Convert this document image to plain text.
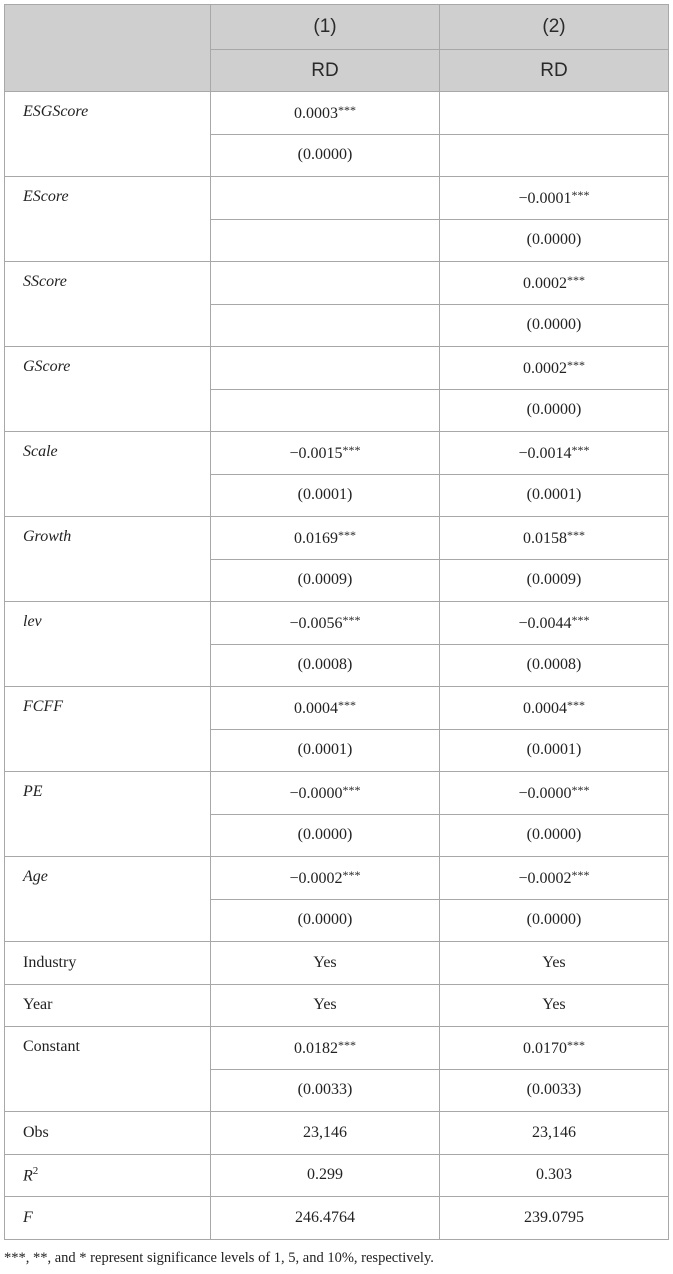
	(1)	(2)
	RD	RD
ESGScore	0.0003***	
	(0.0000)	
EScore		−0.0001***
		(0.0000)
SScore		0.0002***
		(0.0000)
GScore		0.0002***
		(0.0000)
Scale	−0.0015***	−0.0014***
	(0.0001)	(0.0001)
Growth	0.0169***	0.0158***
	(0.0009)	(0.0009)
lev	−0.0056***	−0.0044***
	(0.0008)	(0.0008)
FCFF	0.0004***	0.0004***
	(0.0001)	(0.0001)
PE	−0.0000***	−0.0000***
	(0.0000)	(0.0000)
Age	−0.0002***	−0.0002***
	(0.0000)	(0.0000)
Industry	Yes	Yes
Year	Yes	Yes
Constant	0.0182***	0.0170***
	(0.0033)	(0.0033)
Obs	23,146	23,146
$R^2$	0.299	0.303
F	246.4764	239.0795
***, **, and * represent significance levels of 1, 5, and 10%, respectively.
